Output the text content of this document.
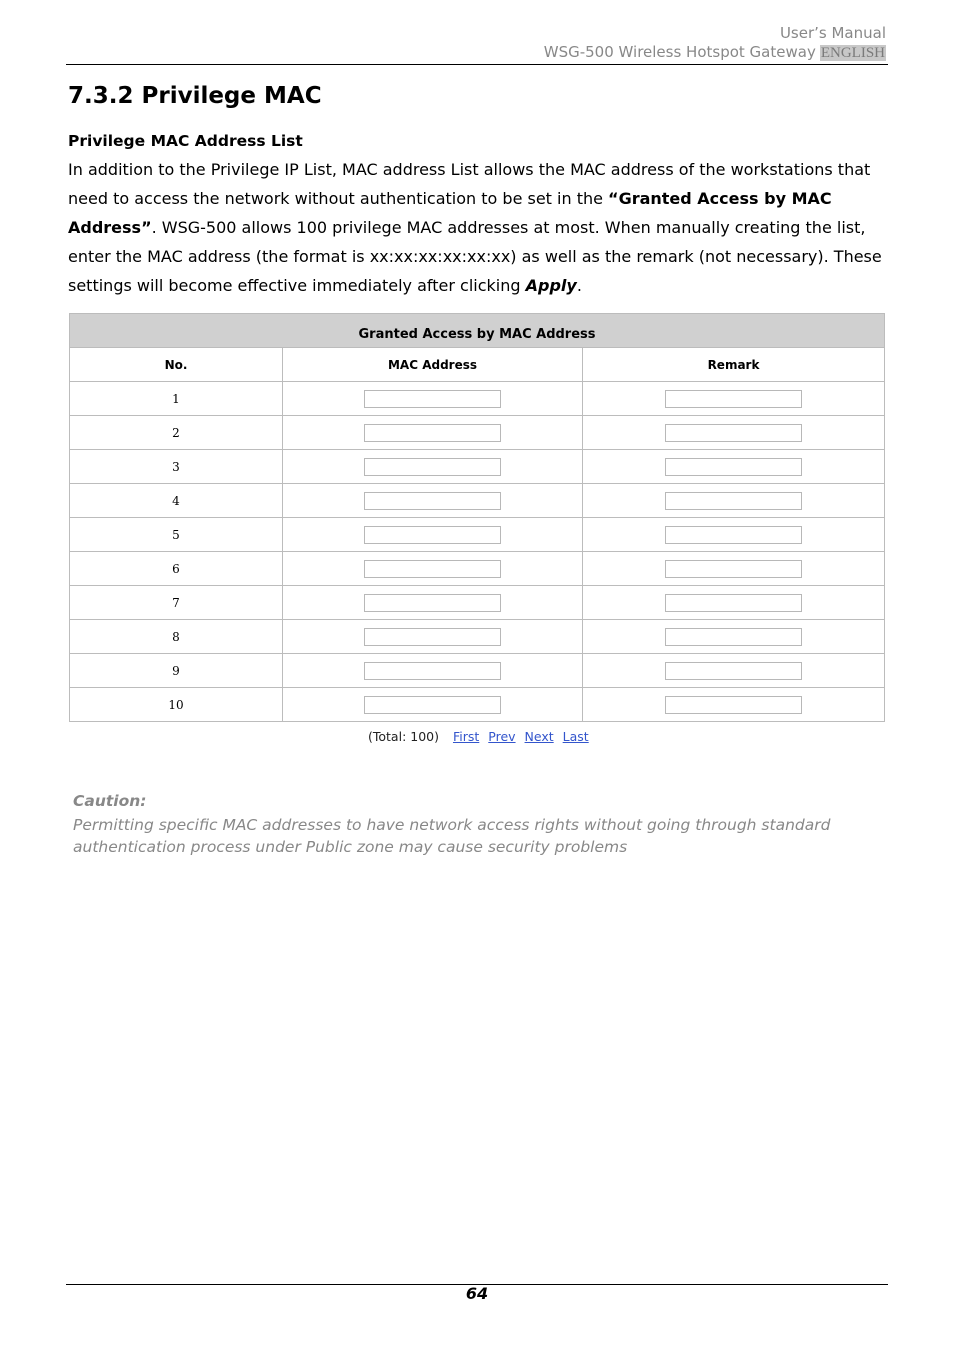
User’s Manual
WSG-500 Wireless Hotspot Gateway ENGLISH
7.3.2 Privilege MAC
Privilege MAC Address List

In addition to the Privilege IP List, MAC address List allows the MAC address of the workstations that need to access the network without authentication to be set in the “Granted Access by MAC Address”. WSG-500 allows 100 privilege MAC addresses at most. When manually creating the list, enter the MAC address (the format is xx:xx:xx:xx:xx:xx) as well as the remark (not necessary). These settings will become effective immediately after clicking Apply.

Granted Access by MAC Address		
No.	MAC Address	Remark
1		
2		
3		
4		
5		
6		
7		
8		
9		
10		
(Total: 100) First Prev Next Last

Caution:

Permitting specific MAC addresses to have network access rights without going through standard authentication process under Public zone may cause security problems

64
